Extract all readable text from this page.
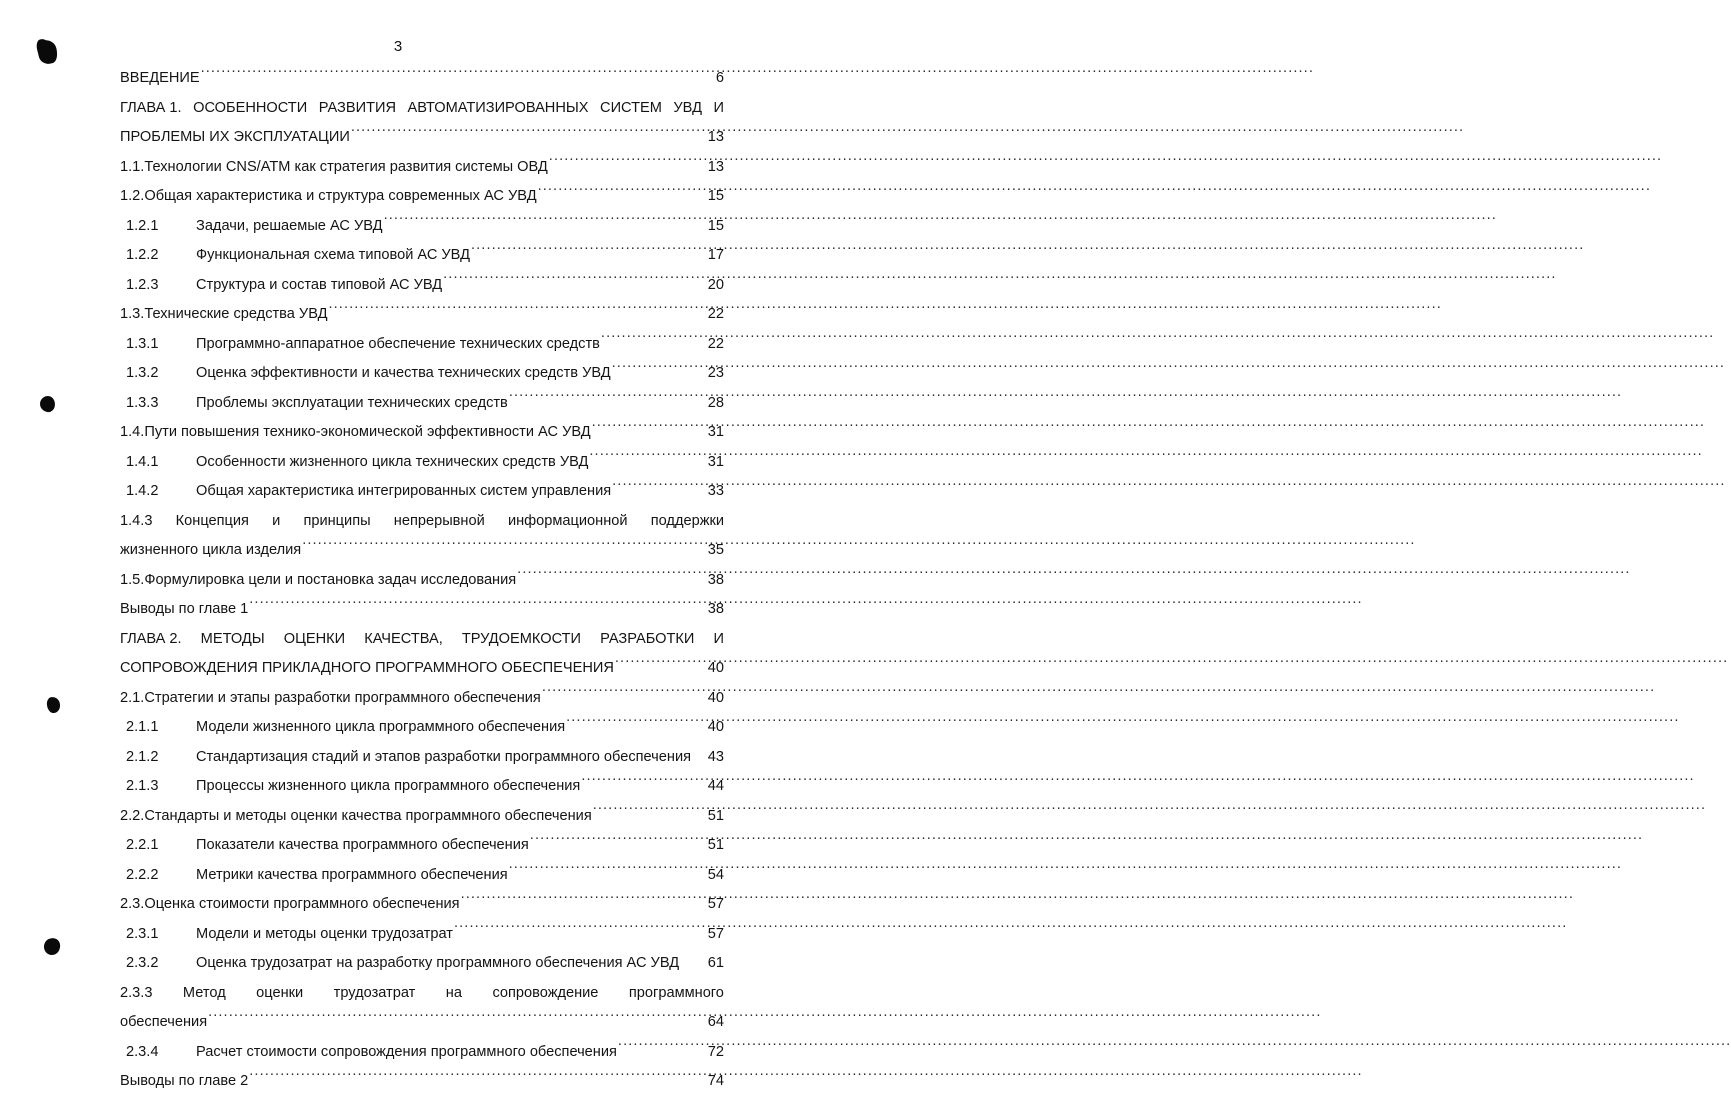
3
ВВЕДЕНИЕ .....	6
ГЛАВА 1. ОСОБЕННОСТИ РАЗВИТИЯ АВТОМАТИЗИРОВАННЫХ СИСТЕМ УВД И
ПРОБЛЕМЫ ИХ ЭКСПЛУАТАЦИИ .....	13
1.1. Технологии CNS/ATM как стратегия развития системы ОВД .....	13
1.2. Общая характеристика и структура современных АС УВД .....	15
1.2.1	Задачи, решаемые АС УВД .....	15
1.2.2	Функциональная схема типовой АС УВД .....	17
1.2.3	Структура и состав типовой АС УВД .....	20
1.3. Технические средства УВД .....	22
1.3.1	Программно-аппаратное обеспечение технических средств .....	22
1.3.2	Оценка эффективности и качества технических средств УВД .....	23
1.3.3	Проблемы эксплуатации технических средств .....	28
1.4. Пути повышения технико-экономической эффективности АС УВД .....	31
1.4.1	Особенности жизненного цикла технических средств УВД .....	31
1.4.2	Общая характеристика интегрированных систем управления .....	33
1.4.3 Концепция и принципы непрерывной информационной поддержки
жизненного цикла изделия .....	35
1.5. Формулировка цели и постановка задач исследования .....	38
Выводы по главе 1 .....	38
ГЛАВА 2. МЕТОДЫ ОЦЕНКИ КАЧЕСТВА, ТРУДОЕМКОСТИ РАЗРАБОТКИ И
СОПРОВОЖДЕНИЯ ПРИКЛАДНОГО ПРОГРАММНОГО ОБЕСПЕЧЕНИЯ .....	40
2.1. Стратегии и этапы разработки программного обеспечения .....	40
2.1.1	Модели жизненного цикла программного обеспечения .....	40
2.1.2	Стандартизация стадий и этапов разработки программного обеспечения	43
2.1.3	Процессы жизненного цикла программного обеспечения .....	44
2.2. Стандарты и методы оценки качества программного обеспечения .....	51
2.2.1	Показатели качества программного обеспечения .....	51
2.2.2	Метрики качества программного обеспечения .....	54
2.3. Оценка стоимости программного обеспечения .....	57
2.3.1	Модели и методы оценки трудозатрат .....	57
2.3.2	Оценка трудозатрат на разработку программного обеспечения АС УВД	61
2.3.3 Метод оценки трудозатрат на сопровождение программного
обеспечения .....	64
2.3.4	Расчет стоимости сопровождения программного обеспечения .....	72
Выводы по главе 2 .....	74
